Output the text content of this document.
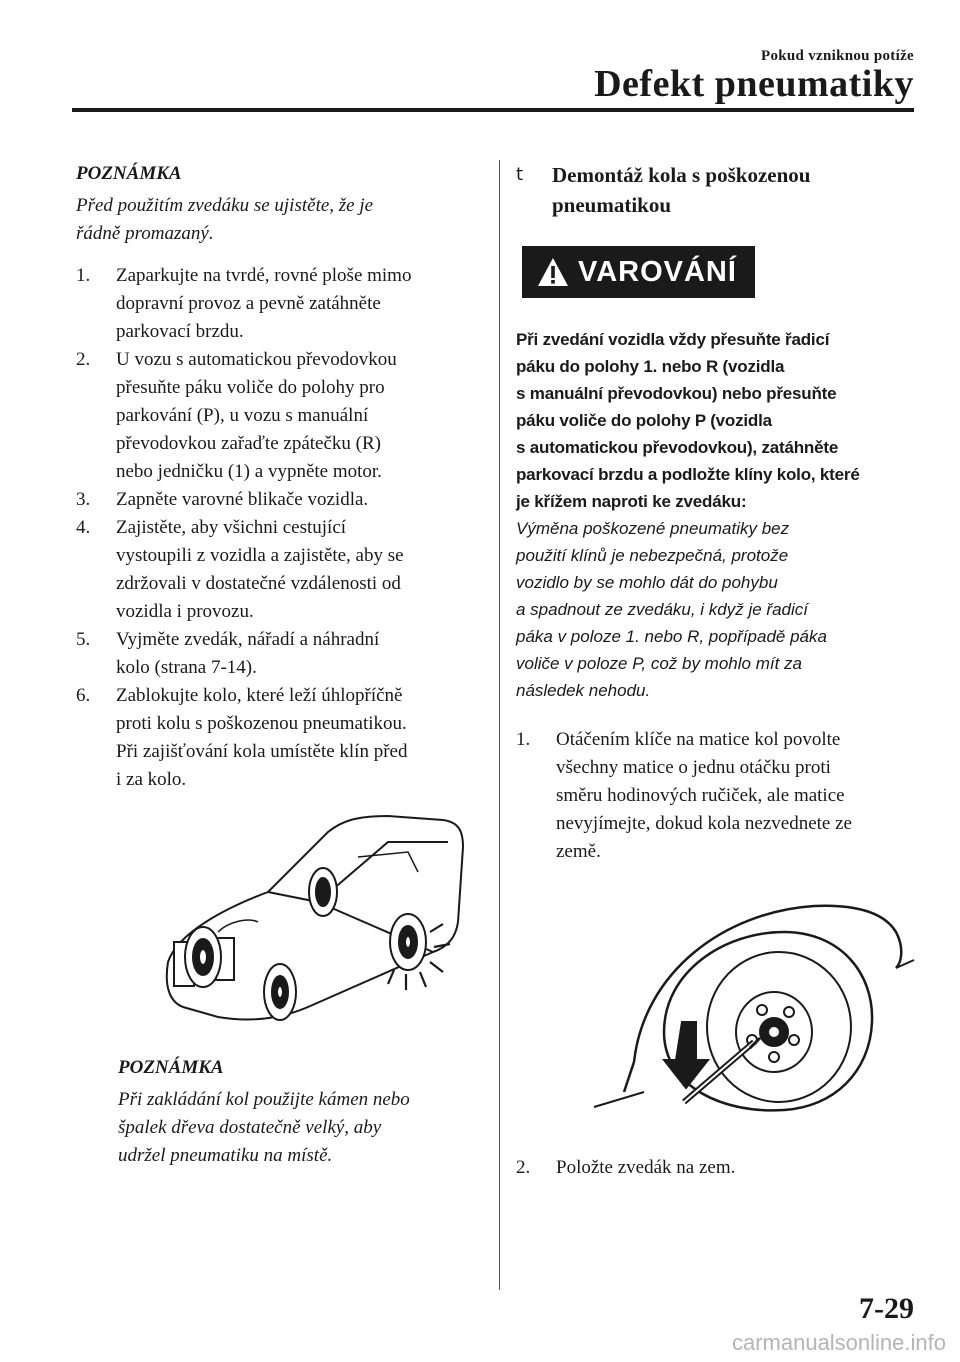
Pokud vzniknou potíže
Defekt pneumatiky

POZNÁMKA

Před použitím zvedáku se ujistěte, že je
řádně promazaný.

1. Zaparkujte na tvrdé, rovné ploše mimo
dopravní provoz a pevně zatáhněte
parkovací brzdu.
2. U vozu s automatickou převodovkou
přesuňte páku voliče do polohy pro
parkování (P), u vozu s manuální
převodovkou zařaďte zpátečku (R)
nebo jedničku (1) a vypněte motor.
3. Zapněte varovné blikače vozidla.
4. Zajistěte, aby všichni cestující
vystoupili z vozidla a zajistěte, aby se
zdržovali v dostatečné vzdálenosti od
vozidla i provozu.
5. Vyjměte zvedák, nářadí a náhradní
kolo (strana 7-14).
6. Zablokujte kolo, které leží úhlopříčně
proti kolu s poškozenou pneumatikou.
Při zajišťování kola umístěte klín před
i za kolo.

POZNÁMKA

Při zakládání kol použijte kámen nebo
špalek dřeva dostatečně velký, aby
udržel pneumatiku na místě.

t	Demontáž kola s poškozenou
pneumatikou
VAROVÁNÍ

Při zvedání vozidla vždy přesuňte řadicí
páku do polohy 1. nebo R (vozidla
s manuální převodovkou) nebo přesuňte
páku voliče do polohy P (vozidla
s automatickou převodovkou), zatáhněte
parkovací brzdu a podložte klíny kolo, které
je křížem naproti ke zvedáku:

Výměna poškozené pneumatiky bez
použití klínů je nebezpečná, protože
vozidlo by se mohlo dát do pohybu
a spadnout ze zvedáku, i když je řadicí
páka v poloze 1. nebo R, popřípadě páka
voliče v poloze P, což by mohlo mít za
následek nehodu.

1. Otáčením klíče na matice kol povolte
všechny matice o jednu otáčku proti
směru hodinových ručiček, ale matice
nevyjímejte, dokud kola nezvednete ze
země.
2. Položte zvedák na zem.
7-29
carmanualsonline.info
